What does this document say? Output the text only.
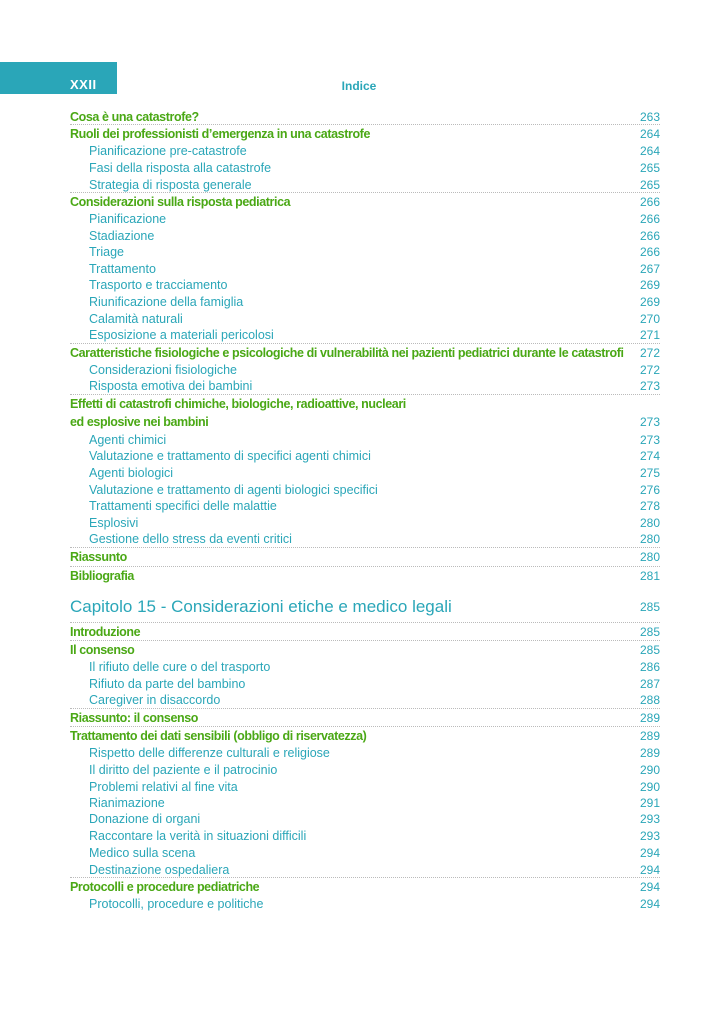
XXII	Indice
Cosa è una catastrofe?	263
Ruoli dei professionisti d’emergenza in una catastrofe	264
Pianificazione pre-catastrofe	264
Fasi della risposta alla catastrofe	265
Strategia di risposta generale	265
Considerazioni sulla risposta pediatrica	266
Pianificazione	266
Stadiazione	266
Triage	266
Trattamento	267
Trasporto e tracciamento	269
Riunificazione della famiglia	269
Calamità naturali	270
Esposizione a materiali pericolosi	271
Caratteristiche fisiologiche e psicologiche di vulnerabilità nei pazienti pediatrici durante le catastrofi 272
Considerazioni fisiologiche	272
Risposta emotiva dei bambini	273
Effetti di catastrofi chimiche, biologiche, radioattive, nucleari
ed esplosive nei bambini	273
Agenti chimici	273
Valutazione e trattamento di specifici agenti chimici	274
Agenti biologici	275
Valutazione e trattamento di agenti biologici specifici	276
Trattamenti specifici delle malattie	278
Esplosivi	280
Gestione dello stress da eventi critici	280
Riassunto	280
Bibliografia	281
Capitolo 15 - Considerazioni etiche e medico legali	285
Introduzione	285
Il consenso	285
Il rifiuto delle cure o del trasporto	286
Rifiuto da parte del bambino	287
Caregiver in disaccordo	288
Riassunto: il consenso	289
Trattamento dei dati sensibili (obbligo di riservatezza)	289
Rispetto delle differenze culturali e religiose	289
Il diritto del paziente e il patrocinio	290
Problemi relativi al fine vita	290
Rianimazione	291
Donazione di organi	293
Raccontare la verità in situazioni difficili	293
Medico sulla scena	294
Destinazione ospedaliera	294
Protocolli e procedure pediatriche	294
Protocolli, procedure e politiche	294
